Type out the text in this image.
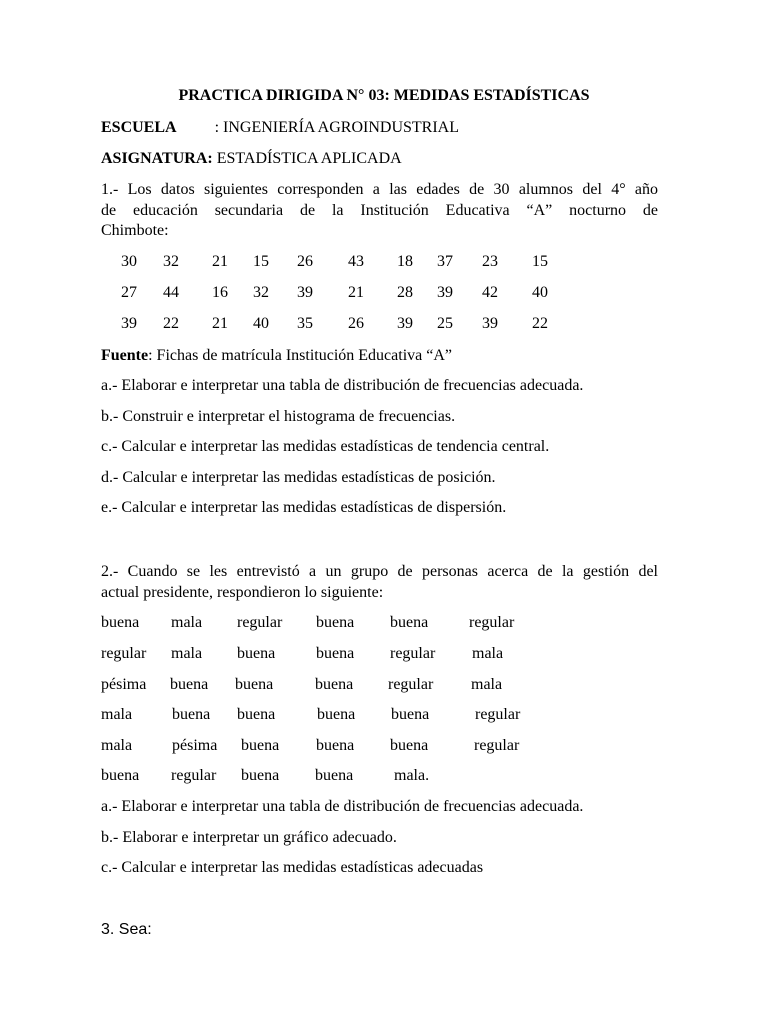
PRACTICA DIRIGIDA N° 03: MEDIDAS ESTADÍSTICAS
ESCUELA : INGENIERÍA AGROINDUSTRIAL
ASIGNATURA: ESTADÍSTICA APLICADA
1.- Los datos siguientes corresponden a las edades de 30 alumnos del 4° año
de educación secundaria de la Institución Educativa “A” nocturno de
Chimbote:
30 32 21 15 26 43 18 37 23 15
27 44 16 32 39 21 28 39 42 40
39 22 21 40 35 26 39 25 39 22
Fuente: Fichas de matrícula Institución Educativa “A”
a.- Elaborar e interpretar una tabla de distribución de frecuencias adecuada.
b.- Construir e interpretar el histograma de frecuencias.
c.- Calcular e interpretar las medidas estadísticas de tendencia central.
d.- Calcular e interpretar las medidas estadísticas de posición.
e.- Calcular e interpretar las medidas estadísticas de dispersión.
2.- Cuando se les entrevistó a un grupo de personas acerca de la gestión del
actual presidente, respondieron lo siguiente:
buena mala regular buena buena	regular
regular mala buena	buena regular mala
pésima buena buena	buena regular mala
mala buena buena	buena buena	regular
mala pésima buena buena buena	regular
buena regular buena buena	mala.
a.- Elaborar e interpretar una tabla de distribución de frecuencias adecuada.
b.- Elaborar e interpretar un gráfico adecuado.
c.- Calcular e interpretar las medidas estadísticas adecuadas
3. Sea:
